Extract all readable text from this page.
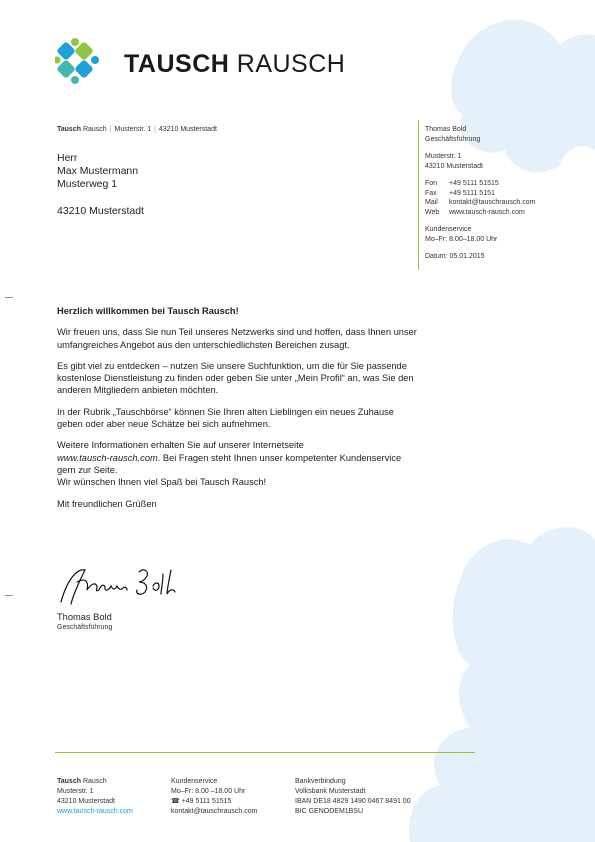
TAUSCH RAUSCH
Tausch Rausch | Musterstr. 1 | 43210 Musterstadt
Herr
Max Mustermann
Musterweg 1
43210 Musterstadt
Thomas Bold
Geschäftsführung
Musterstr. 1
43210 Musterstadt
Fon +49 5111 51515
Fax +49 5111 5151
Mail kontakt@tauschrausch.com
Web www.tausch-rausch.com
Kundenservice
Mo–Fr: 8.00–18.00 Uhr
Datum: 05.01.2015

Herzlich willkommen bei Tausch Rausch!

Wir freuen uns, dass Sie nun Teil unseres Netzwerks sind und hoffen, dass Ihnen unser umfangreiches Angebot aus den unterschiedlichsten Bereichen zusagt.

Es gibt viel zu entdecken – nutzen Sie unsere Suchfunktion, um die für Sie passende kostenlose Dienstleistung zu finden oder geben Sie unter „Mein Profil“ an, was Sie den anderen Mitgliedern anbieten möchten.

In der Rubrik „Tauschbörse“ können Sie Ihren alten Lieblingen ein neues Zuhause geben oder aber neue Schätze bei sich aufnehmen.

Weitere Informationen erhalten Sie auf unserer Internetseite
www.tausch-rausch.com. Bei Fragen steht Ihnen unser kompetenter Kundenservice gern zur Seite.
Wir wünschen Ihnen viel Spaß bei Tausch Rausch!

Mit freundlichen Grüßen

Thomas Bold
Geschäftsführung
Tausch Rausch
Musterstr. 1
43210 Musterstadt
www.tausch-rausch.com
Kundenservice
Mo–Fr: 8.00 –18.00 Uhr
☎ +49 5111 51515
kontakt@tauschrausch.com
Bankverbindung
Volksbank Musterstadt
IBAN DE18 4829 1490 0467 8491 00
BIC GENODEM1BSU
